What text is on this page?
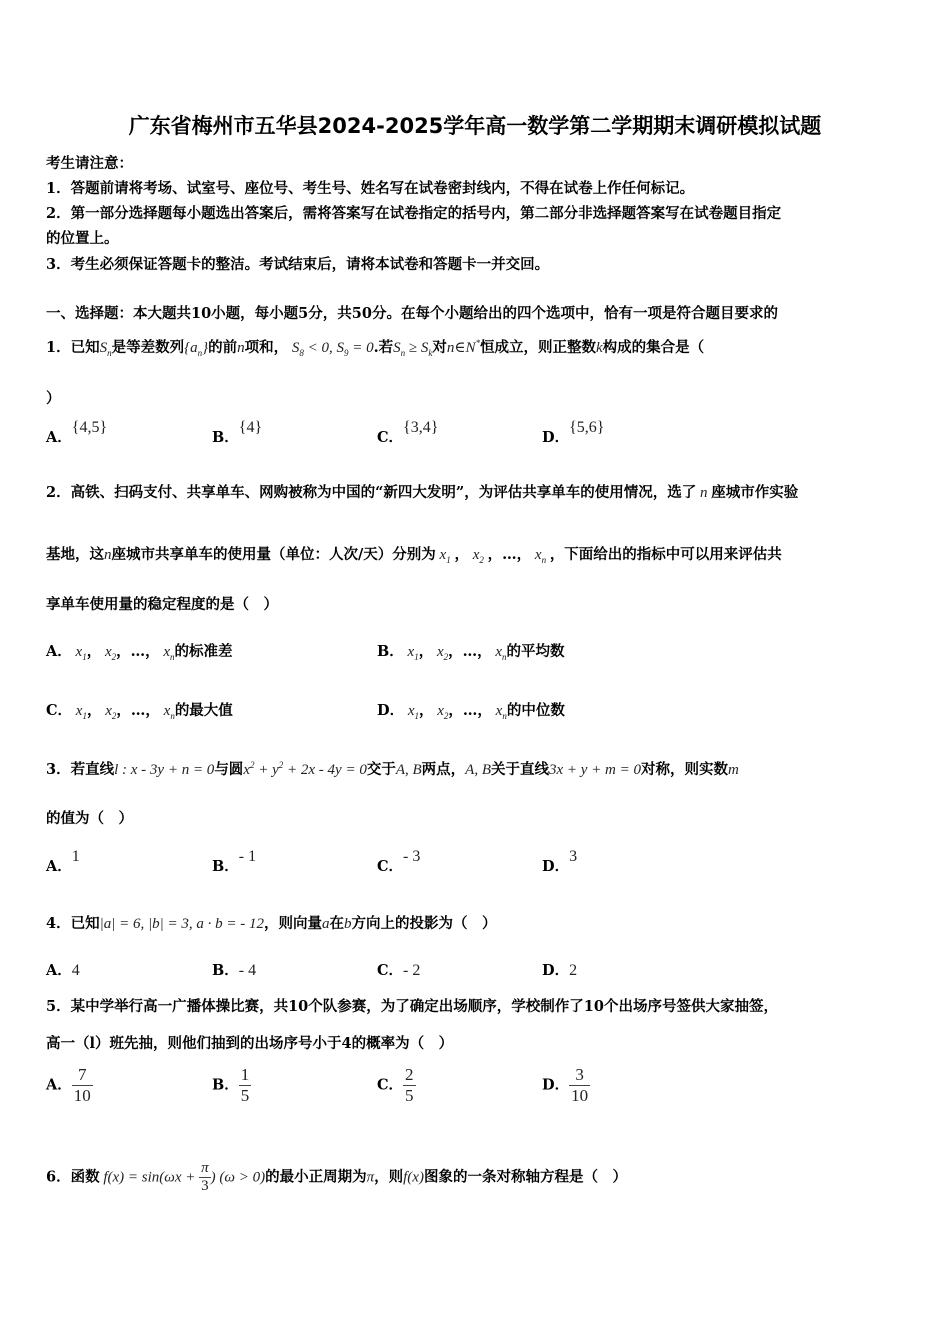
广东省梅州市五华县2024-2025学年高一数学第二学期期末调研模拟试题
考生请注意：
1．答题前请将考场、试室号、座位号、考生号、姓名写在试卷密封线内，不得在试卷上作任何标记。
2．第一部分选择题每小题选出答案后，需将答案写在试卷指定的括号内，第二部分非选择题答案写在试卷题目指定
的位置上。
3．考生必须保证答题卡的整洁。考试结束后，请将本试卷和答题卡一并交回。
一、选择题：本大题共10小题，每小题5分，共50分。在每个小题给出的四个选项中，恰有一项是符合题目要求的
1．已知$S_n$是等差数列$\{a_n\}$的前n项和， $S_8 < 0$, $S_9 = 0$.若$S_n \ge S_k$对n∈N*恒成立，则正整数k构成的集合是（
）
A．{4,5}
B．{4}
C．{3,4}
D．{5,6}
2．高铁、扫码支付、共享单车、网购被称为中国的“新四大发明”，为评估共享单车的使用情况，选了 n 座城市作实验
基地，这n座城市共享单车的使用量（单位：人次/天）分别为 $x_1$ ， $x_2$ ，…， $x_n$ ，下面给出的指标中可以用来评估共
享单车使用量的稳定程度的是（　）
A． $x_1$， $x_2$，…， $x_n$的标准差	B． $x_1$， $x_2$，…， $x_n$的平均数
C． $x_1$， $x_2$，…， $x_n$的最大值	D． $x_1$， $x_2$，…， $x_n$的中位数
3．若直线l : x - 3y + n = 0与圆$x^2 + y^2 + 2x - 4y = 0$交于A, B两点，A, B关于直线3x + y + m = 0对称，则实数m
的值为（　）
A．1
B．- 1
C．- 3
D．3
4．已知|a| = 6, |b| = 3, a · b = - 12，则向量a在b方向上的投影为（　）
A．4	B．- 4	C．- 2	D．2
5．某中学举行高一广播体操比赛，共10个队参赛，为了确定出场顺序，学校制作了10个出场序号签供大家抽签，
高一（l）班先抽，则他们抽到的出场序号小于4的概率为（　）
A． $\frac{7}{10}$	B． $\frac{1}{5}$	C． $\frac{2}{5}$	D． $\frac{3}{10}$
6．函数 $f(x) = \sin(\omega x + \frac{\pi}{3}$ ) (ω > 0)的最小正周期为π，则f(x)图象的一条对称轴方程是（　）
